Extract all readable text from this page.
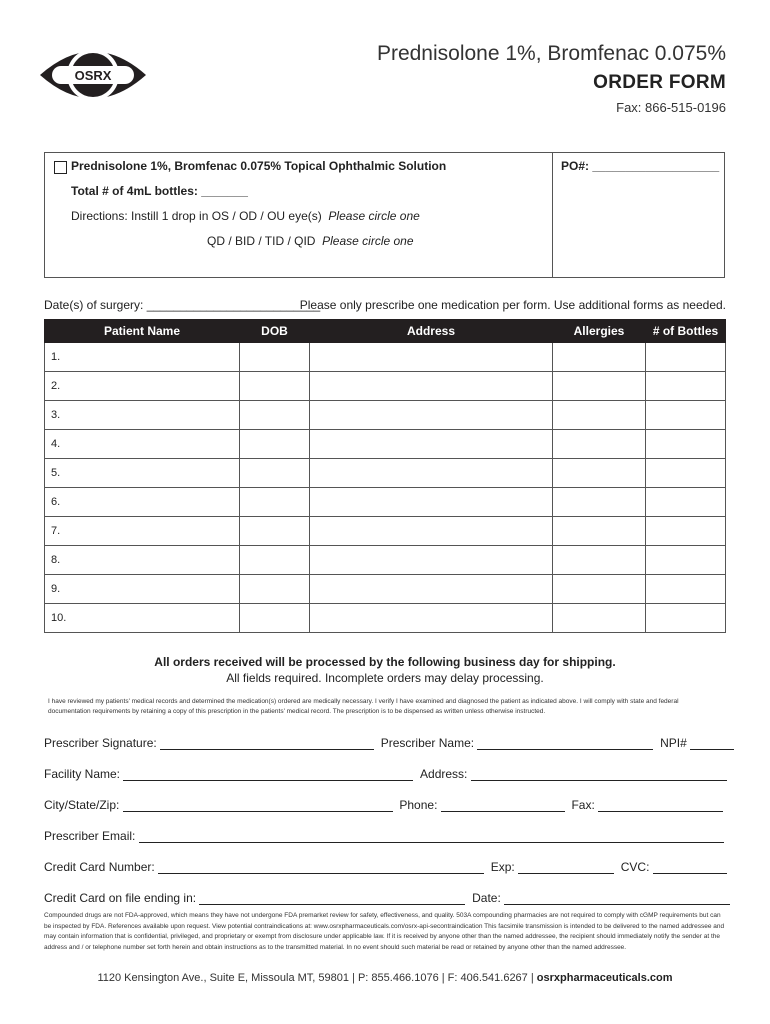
OSRX
Prednisolone 1%, Bromfenac 0.075%
ORDER FORM
Fax: 866-515-0196
Prednisolone 1%, Bromfenac 0.075% Topical Ophthalmic Solution	PO#: ___________________
Total # of 4mL bottles: _______
Directions: Instill 1 drop in OS / OD / OU eye(s) Please circle one
QD / BID / TID / QID Please circle one
Date(s) of surgery: __________________________
Please only prescribe one medication per form. Use additional forms as needed.
Patient Name	DOB	Address	Allergies	# of Bottles
1.				
2.				
3.				
4.				
5.				
6.				
7.				
8.				
9.				
10.				
All orders received will be processed by the following business day for shipping.
All fields required. Incomplete orders may delay processing.
I have reviewed my patients' medical records and determined the medication(s) ordered are medically necessary. I verify I have examined and diagnosed the patient as indicated above. I will comply with state and federal documentation requirements by retaining a copy of this prescription in the patients' medical record. The prescription is to be dispensed as written unless otherwise instructed.
Prescriber Signature:	Prescriber Name:	NPI#
Facility Name:	Address:
City/State/Zip:	Phone:	Fax:
Prescriber Email:
Credit Card Number:	Exp:	CVC:
Credit Card on file ending in:	Date:
Compounded drugs are not FDA-approved, which means they have not undergone FDA premarket review for safety, effectiveness, and quality. 503A compounding pharmacies are not required to comply with cGMP requirements but can be inspected by FDA. References available upon request. View potential contraindications at: www.osrxpharmaceuticals.com/osrx-api-secontraindication This facsimile transmission is intended to be delivered to the named addressee and may contain information that is confidential, privileged, and proprietary or exempt from disclosure under applicable law. If it is received by anyone other than the named addressee, the recipient should immediately notify the sender at the address and / or telephone number set forth herein and obtain instructions as to the transmitted material. In no event should such material be read or retained by anyone other than the named addressee.
1120 Kensington Ave., Suite E, Missoula MT, 59801 | P: 855.466.1076 | F: 406.541.6267 | osrxpharmaceuticals.com
